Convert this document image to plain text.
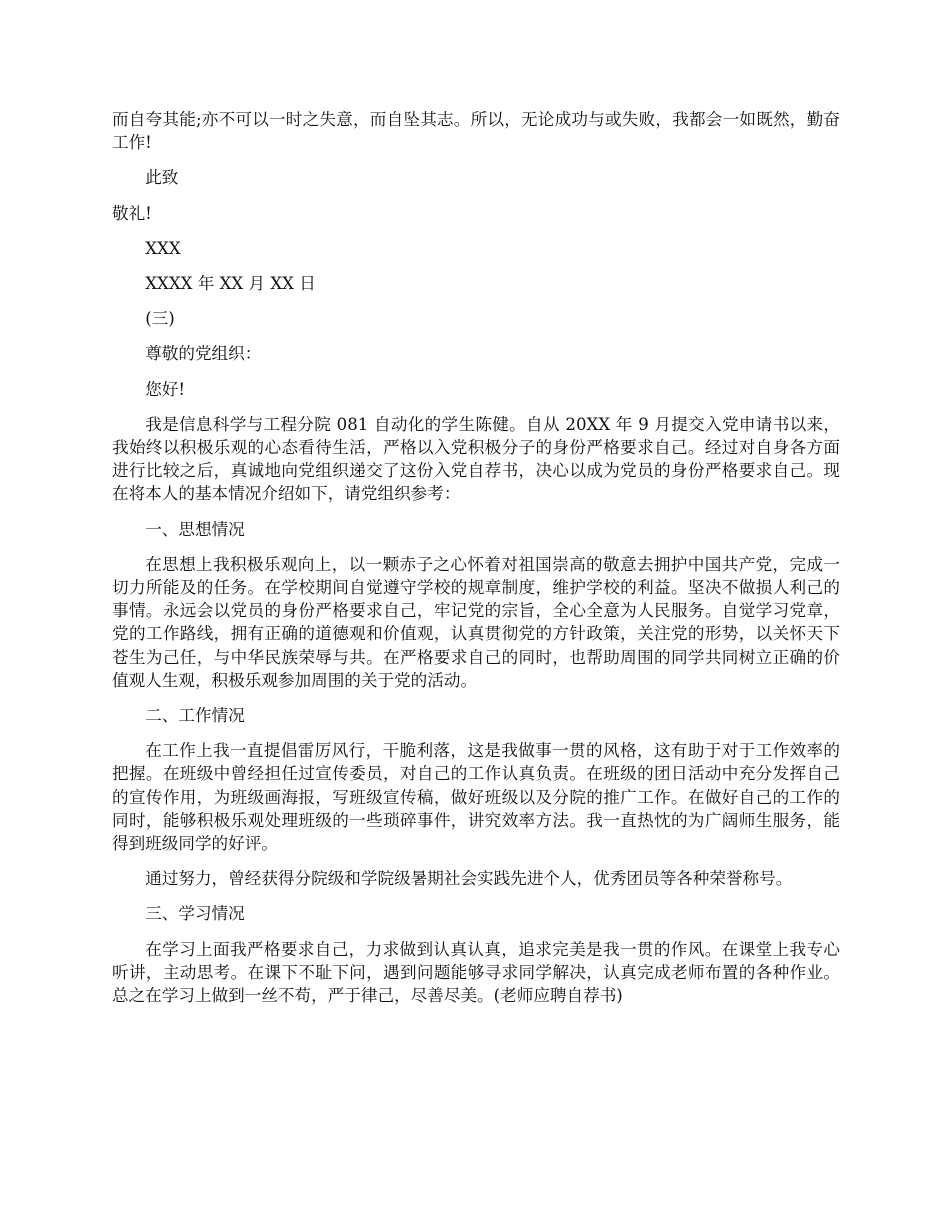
而自夸其能;亦不可以一时之失意，而自坠其志。所以，无论成功与或失败，我都会一如既然，勤奋工作!

此致

敬礼!

XXX

XXXX 年 XX 月 XX 日

(三)

尊敬的党组织：

您好!

我是信息科学与工程分院 081 自动化的学生陈健。自从 20XX 年 9 月提交入党申请书以来，我始终以积极乐观的心态看待生活，严格以入党积极分子的身份严格要求自己。经过对自身各方面进行比较之后，真诚地向党组织递交了这份入党自荐书，决心以成为党员的身份严格要求自己。现在将本人的基本情况介绍如下，请党组织参考：

一、思想情况

在思想上我积极乐观向上，以一颗赤子之心怀着对祖国崇高的敬意去拥护中国共产党，完成一切力所能及的任务。在学校期间自觉遵守学校的规章制度，维护学校的利益。坚决不做损人利己的事情。永远会以党员的身份严格要求自己，牢记党的宗旨，全心全意为人民服务。自觉学习党章，党的工作路线，拥有正确的道德观和价值观，认真贯彻党的方针政策，关注党的形势，以关怀天下苍生为己任，与中华民族荣辱与共。在严格要求自己的同时，也帮助周围的同学共同树立正确的价值观人生观，积极乐观参加周围的关于党的活动。

二、工作情况

在工作上我一直提倡雷厉风行，干脆利落，这是我做事一贯的风格，这有助于对于工作效率的把握。在班级中曾经担任过宣传委员，对自己的工作认真负责。在班级的团日活动中充分发挥自己的宣传作用，为班级画海报，写班级宣传稿，做好班级以及分院的推广工作。在做好自己的工作的同时，能够积极乐观处理班级的一些琐碎事件，讲究效率方法。我一直热忱的为广阔师生服务，能得到班级同学的好评。

通过努力，曾经获得分院级和学院级暑期社会实践先进个人，优秀团员等各种荣誉称号。

三、学习情况

在学习上面我严格要求自己，力求做到认真认真，追求完美是我一贯的作风。在课堂上我专心听讲，主动思考。在课下不耻下问，遇到问题能够寻求同学解决，认真完成老师布置的各种作业。总之在学习上做到一丝不苟，严于律己，尽善尽美。(老师应聘自荐书)
